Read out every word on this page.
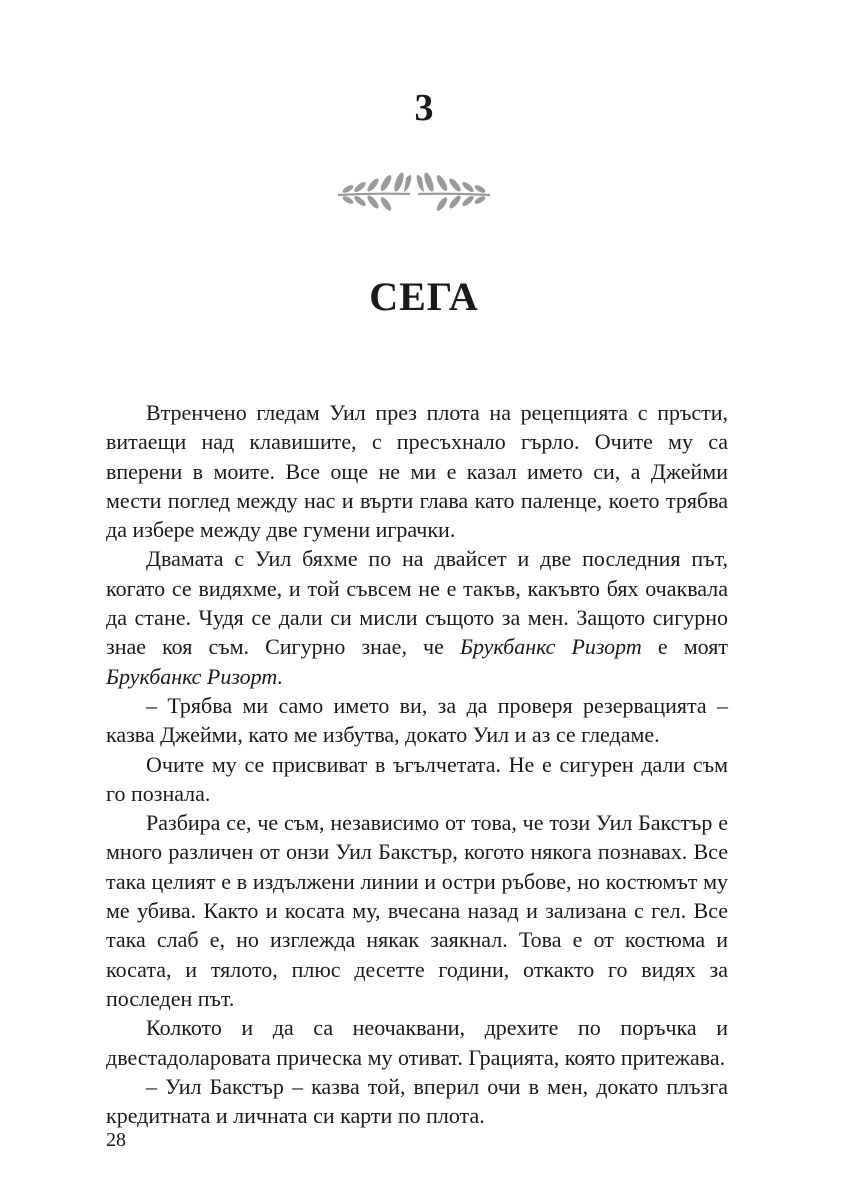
3
СЕГА

Втренчено гледам Уил през плота на рецепцията с пръсти, витаещи над клавишите, с пресъхнало гърло. Очите му са вперени в моите. Все още не ми е казал името си, а Джейми мести поглед между нас и върти глава като паленце, което трябва да избере между две гумени играчки.

Двамата с Уил бяхме по на двайсет и две последния път, когато се видяхме, и той съвсем не е такъв, какъвто бях очаквала да стане. Чудя се дали си мисли същото за мен. Защото сигурно знае коя съм. Сигурно знае, че Брукбанкс Ризорт е моят Брукбанкс Ризорт.

– Трябва ми само името ви, за да проверя резервацията – казва Джейми, като ме избутва, докато Уил и аз се гледаме.

Очите му се присвиват в ъгълчетата. Не е сигурен дали съм го познала.

Разбира се, че съм, независимо от това, че този Уил Бакстър е много различен от онзи Уил Бакстър, когото някога познавах. Все така целият е в издължени линии и остри ръбове, но костюмът му ме убива. Както и косата му, вчесана назад и зализана с гел. Все така слаб е, но изглежда някак заякнал. Това е от костюма и косата, и тялото, плюс десетте години, откакто го видях за последен път.

Колкото и да са неочаквани, дрехите по поръчка и двестадоларовата прическа му отиват. Грацията, която притежава.

– Уил Бакстър – казва той, вперил очи в мен, докато плъзга кредитната и личната си карти по плота.

28
